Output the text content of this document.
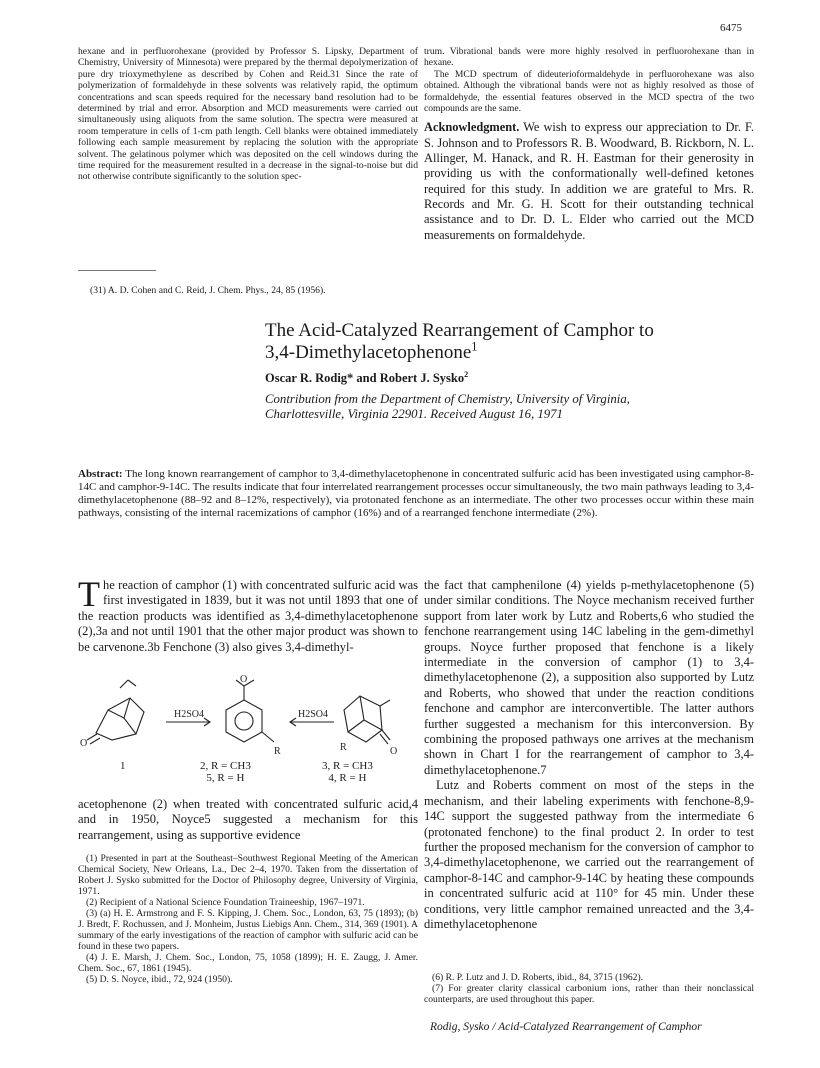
6475
hexane and in perfluorohexane (provided by Professor S. Lipsky, Department of Chemistry, University of Minnesota) were prepared by the thermal depolymerization of pure dry trioxymethylene as described by Cohen and Reid.31 Since the rate of polymerization of formaldehyde in these solvents was relatively rapid, the optimum concentrations and scan speeds required for the necessary band resolution had to be determined by trial and error. Absorption and MCD measurements were carried out simultaneously using aliquots from the same solution. The spectra were measured at room temperature in cells of 1-cm path length. Cell blanks were obtained immediately following each sample measurement by replacing the solution with the appropriate solvent. The gelatinous polymer which was deposited on the cell windows during the time required for the measurement resulted in a decrease in the signal-to-noise but did not otherwise contribute significantly to the solution spec-
(31) A. D. Cohen and C. Reid, J. Chem. Phys., 24, 85 (1956).

trum. Vibrational bands were more highly resolved in perfluorohexane than in hexane.

The MCD spectrum of dideuterioformaldehyde in perfluorohexane was also obtained. Although the vibrational bands were not as highly resolved as those of formaldehyde, the essential features observed in the MCD spectra of the two compounds are the same.

Acknowledgment. We wish to express our appreciation to Dr. F. S. Johnson and to Professors R. B. Woodward, B. Rickborn, N. L. Allinger, M. Hanack, and R. H. Eastman for their generosity in providing us with the conformationally well-defined ketones required for this study. In addition we are grateful to Mrs. R. Records and Mr. G. H. Scott for their outstanding technical assistance and to Dr. D. L. Elder who carried out the MCD measurements on formaldehyde.

The Acid-Catalyzed Rearrangement of Camphor to
3,4-Dimethylacetophenone$^1$
Oscar R. Rodig* and Robert J. Sysko$^2$
Contribution from the Department of Chemistry, University of Virginia,
Charlottesville, Virginia 22901. Received August 16, 1971
Abstract: The long known rearrangement of camphor to 3,4-dimethylacetophenone in concentrated sulfuric acid has been investigated using camphor-8-14C and camphor-9-14C. The results indicate that four interrelated rearrangement processes occur simultaneously, the two main pathways leading to 3,4-dimethylacetophenone (88–92 and 8–12%, respectively), via protonated fenchone as an intermediate. The other two processes occur within these main pathways, consisting of the internal racemizations of camphor (16%) and of a rearranged fenchone intermediate (2%).
The reaction of camphor (1) with concentrated sulfuric acid was first investigated in 1839, but it was not until 1893 that one of the reaction products was identified as 3,4-dimethylacetophenone (2),3a and not until 1901 that the other major product was shown to be carvenone.3b Fenchone (3) also gives 3,4-dimethyl-
H2SO4	H2SO4
O
O
R	R	O
1	2, R = CH3
5, R = H
3, R = CH3
4, R = H
acetophenone (2) when treated with concentrated sulfuric acid,4 and in 1950, Noyce5 suggested a mechanism for this rearrangement, using as supportive evidence

(1) Presented in part at the Southeast–Southwest Regional Meeting of the American Chemical Society, New Orleans, La., Dec 2–4, 1970. Taken from the dissertation of Robert J. Sysko submitted for the Doctor of Philosophy degree, University of Virginia, 1971.

(2) Recipient of a National Science Foundation Traineeship, 1967–1971.

(3) (a) H. E. Armstrong and F. S. Kipping, J. Chem. Soc., London, 63, 75 (1893); (b) J. Bredt, F. Rochussen, and J. Monheim, Justus Liebigs Ann. Chem., 314, 369 (1901). A summary of the early investigations of the reaction of camphor with sulfuric acid can be found in these two papers.

(4) J. E. Marsh, J. Chem. Soc., London, 75, 1058 (1899); H. E. Zaugg, J. Amer. Chem. Soc., 67, 1861 (1945).

(5) D. S. Noyce, ibid., 72, 924 (1950).

the fact that camphenilone (4) yields p-methylacetophenone (5) under similar conditions. The Noyce mechanism received further support from later work by Lutz and Roberts,6 who studied the fenchone rearrangement using 14C labeling in the gem-dimethyl groups. Noyce further proposed that fenchone is a likely intermediate in the conversion of camphor (1) to 3,4-dimethylacetophenone (2), a supposition also supported by Lutz and Roberts, who showed that under the reaction conditions fenchone and camphor are interconvertible. The latter authors further suggested a mechanism for this interconversion. By combining the proposed pathways one arrives at the mechanism shown in Chart I for the rearrangement of camphor to 3,4-dimethylacetophenone.7

Lutz and Roberts comment on most of the steps in the mechanism, and their labeling experiments with fenchone-8,9-14C support the suggested pathway from the intermediate 6 (protonated fenchone) to the final product 2. In order to test further the proposed mechanism for the conversion of camphor to 3,4-dimethylacetophenone, we carried out the rearrangement of camphor-8-14C and camphor-9-14C by heating these compounds in concentrated sulfuric acid at 110° for 45 min. Under these conditions, very little camphor remained unreacted and the 3,4-dimethylacetophenone

(6) R. P. Lutz and J. D. Roberts, ibid., 84, 3715 (1962).

(7) For greater clarity classical carbonium ions, rather than their nonclassical counterparts, are used throughout this paper.

Rodig, Sysko / Acid-Catalyzed Rearrangement of Camphor
